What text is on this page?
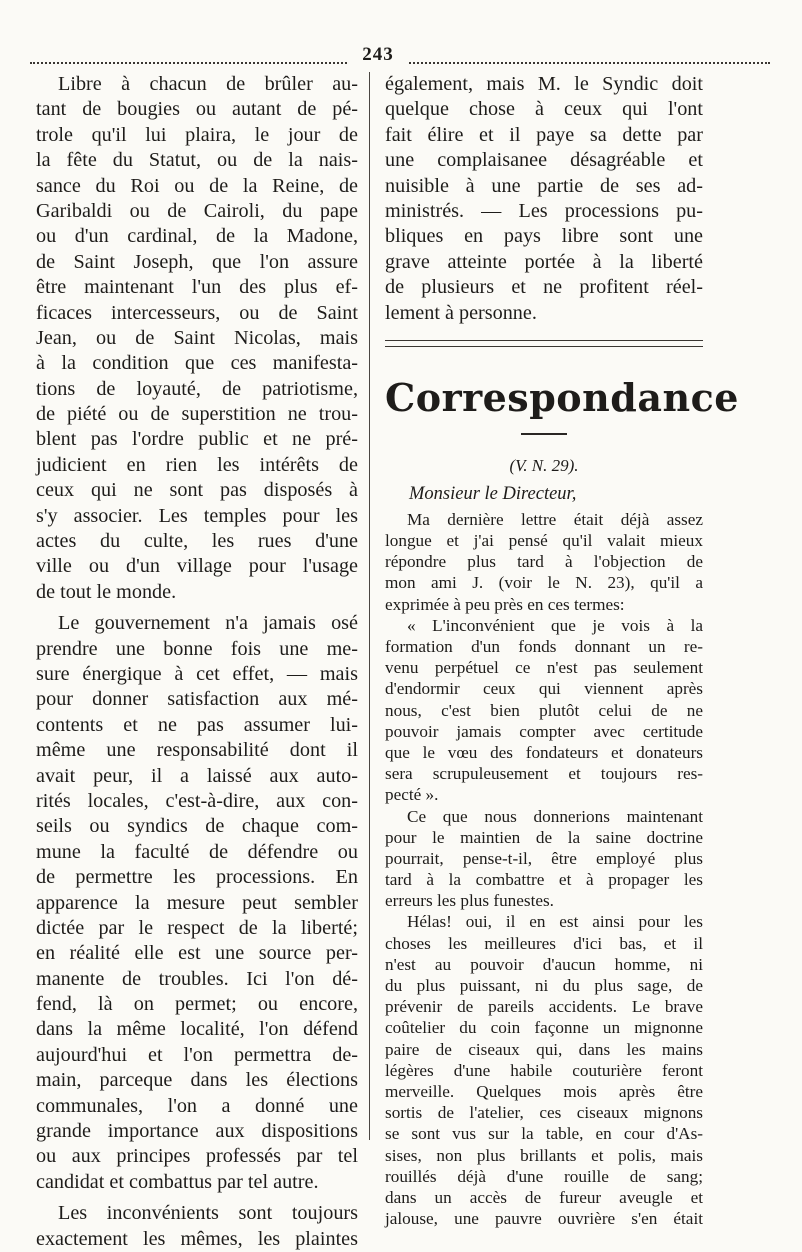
243
Libre à chacun de brûler au-
tant de bougies ou autant de pé-
trole qu'il lui plaira, le jour de
la fête du Statut, ou de la nais-
sance du Roi ou de la Reine, de
Garibaldi ou de Cairoli, du pape
ou d'un cardinal, de la Madone,
de Saint Joseph, que l'on assure
être maintenant l'un des plus ef-
ficaces intercesseurs, ou de Saint
Jean, ou de Saint Nicolas, mais
à la condition que ces manifesta-
tions de loyauté, de patriotisme,
de piété ou de superstition ne trou-
blent pas l'ordre public et ne pré-
judicient en rien les intérêts de
ceux qui ne sont pas disposés à
s'y associer. Les temples pour les
actes du culte, les rues d'une
ville ou d'un village pour l'usage
de tout le monde.
Le gouvernement n'a jamais osé
prendre une bonne fois une me-
sure énergique à cet effet, — mais
pour donner satisfaction aux mé-
contents et ne pas assumer lui-
même une responsabilité dont il
avait peur, il a laissé aux auto-
rités locales, c'est-à-dire, aux con-
seils ou syndics de chaque com-
mune la faculté de défendre ou
de permettre les processions. En
apparence la mesure peut sembler
dictée par le respect de la liberté;
en réalité elle est une source per-
manente de troubles. Ici l'on dé-
fend, là on permet; ou encore,
dans la même localité, l'on défend
aujourd'hui et l'on permettra de-
main, parceque dans les élections
communales, l'on a donné une
grande importance aux dispositions
ou aux principes professés par tel
candidat et combattus par tel autre.
Les inconvénients sont toujours
exactement les mêmes, les plaintes
également, mais M. le Syndic doit
quelque chose à ceux qui l'ont
fait élire et il paye sa dette par
une complaisanee désagréable et
nuisible à une partie de ses ad-
ministrés. — Les processions pu-
bliques en pays libre sont une
grave atteinte portée à la liberté
de plusieurs et ne profitent réel-
lement à personne.
Correspondance
(V. N. 29).
Monsieur le Directeur,
Ma dernière lettre était déjà assez
longue et j'ai pensé qu'il valait mieux
répondre plus tard à l'objection de
mon ami J. (voir le N. 23), qu'il a
exprimée à peu près en ces termes:
« L'inconvénient que je vois à la
formation d'un fonds donnant un re-
venu perpétuel ce n'est pas seulement
d'endormir ceux qui viennent après
nous, c'est bien plutôt celui de ne
pouvoir jamais compter avec certitude
que le vœu des fondateurs et donateurs
sera scrupuleusement et toujours res-
pecté ».
Ce que nous donnerions maintenant
pour le maintien de la saine doctrine
pourrait, pense-t-il, être employé plus
tard à la combattre et à propager les
erreurs les plus funestes.
Hélas! oui, il en est ainsi pour les
choses les meilleures d'ici bas, et il
n'est au pouvoir d'aucun homme, ni
du plus puissant, ni du plus sage, de
prévenir de pareils accidents. Le brave
coûtelier du coin façonne un mignonne
paire de ciseaux qui, dans les mains
légères d'une habile couturière feront
merveille. Quelques mois après être
sortis de l'atelier, ces ciseaux mignons
se sont vus sur la table, en cour d'As-
sises, non plus brillants et polis, mais
rouillés déjà d'une rouille de sang;
dans un accès de fureur aveugle et
jalouse, une pauvre ouvrière s'en était
